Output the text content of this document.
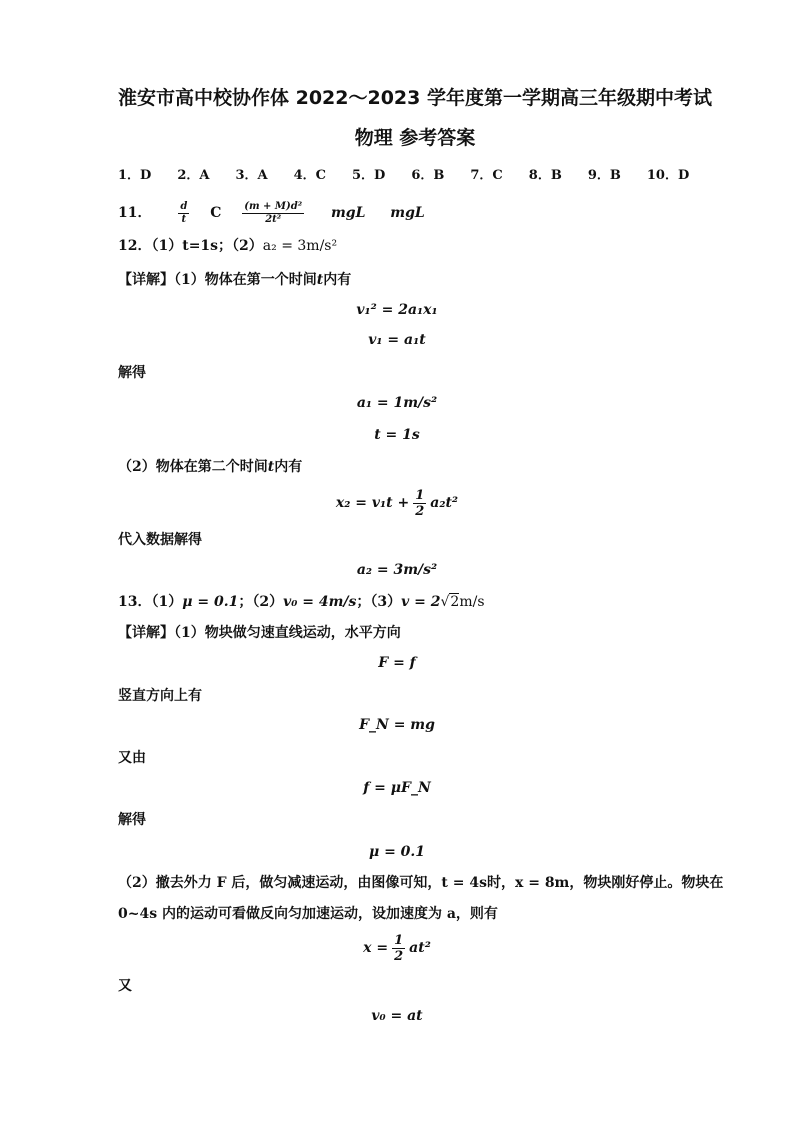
淮安市高中校协作体 2022～2023 学年度第一学期高三年级期中考试
物理 参考答案
1．D 2．A 3．A 4．C 5．D 6．B 7．C 8．B 9．B 10．D
11．	$\frac{d}{t}$ C $\frac{\text{(m + M)d²}}{\text{2t²}}$ mgL mgL
12．（1）t=1s；（2）a₂ = 3m/s²
【详解】（1）物体在第一个时间t内有
v₁² = 2a₁x₁
v₁ = a₁t
解得
a₁ = 1m/s²
t = 1s
（2）物体在第二个时间t内有
$x_2 = v_1t + \frac{1}{2} a_2t^2$
代入数据解得
a₂ = 3m/s²
13．（1）μ = 0.1；（2）v₀ = 4m/s；（3）v = 2√2m/s
【详解】（1）物块做匀速直线运动，水平方向
F = f
竖直方向上有
F_N = mg
又由
f = μF_N
解得
μ = 0.1
（2）撤去外力 F 后，做匀减速运动，由图像可知，t = 4s时，x = 8m，物块刚好停止。物块在
0~4s 内的运动可看做反向匀加速运动，设加速度为 a，则有
$x = \frac{1}{2} at^2$
又
v₀ = at
